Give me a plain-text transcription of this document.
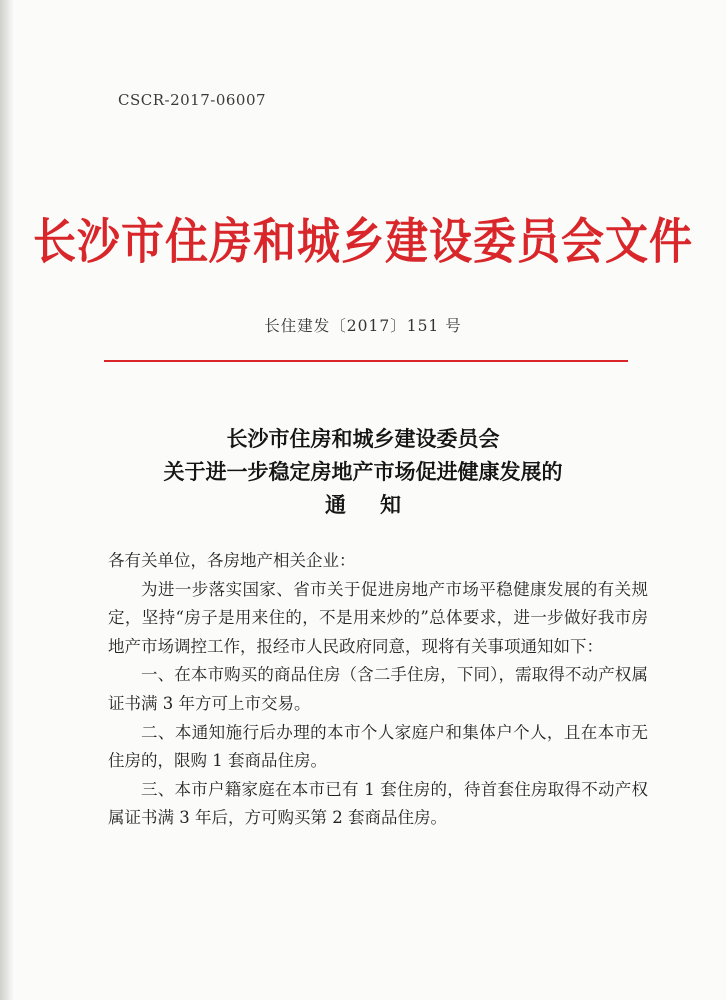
CSCR-2017-06007
长沙市住房和城乡建设委员会文件
长住建发〔2017〕151 号
长沙市住房和城乡建设委员会
关于进一步稳定房地产市场促进健康发展的
通知

各有关单位，各房地产相关企业：

为进一步落实国家、省市关于促进房地产市场平稳健康发展的有关规定，坚持“房子是用来住的，不是用来炒的”总体要求，进一步做好我市房地产市场调控工作，报经市人民政府同意，现将有关事项通知如下：

一、在本市购买的商品住房（含二手住房，下同），需取得不动产权属证书满 3 年方可上市交易。

二、本通知施行后办理的本市个人家庭户和集体户个人，且在本市无住房的，限购 1 套商品住房。

三、本市户籍家庭在本市已有 1 套住房的，待首套住房取得不动产权属证书满 3 年后，方可购买第 2 套商品住房。
